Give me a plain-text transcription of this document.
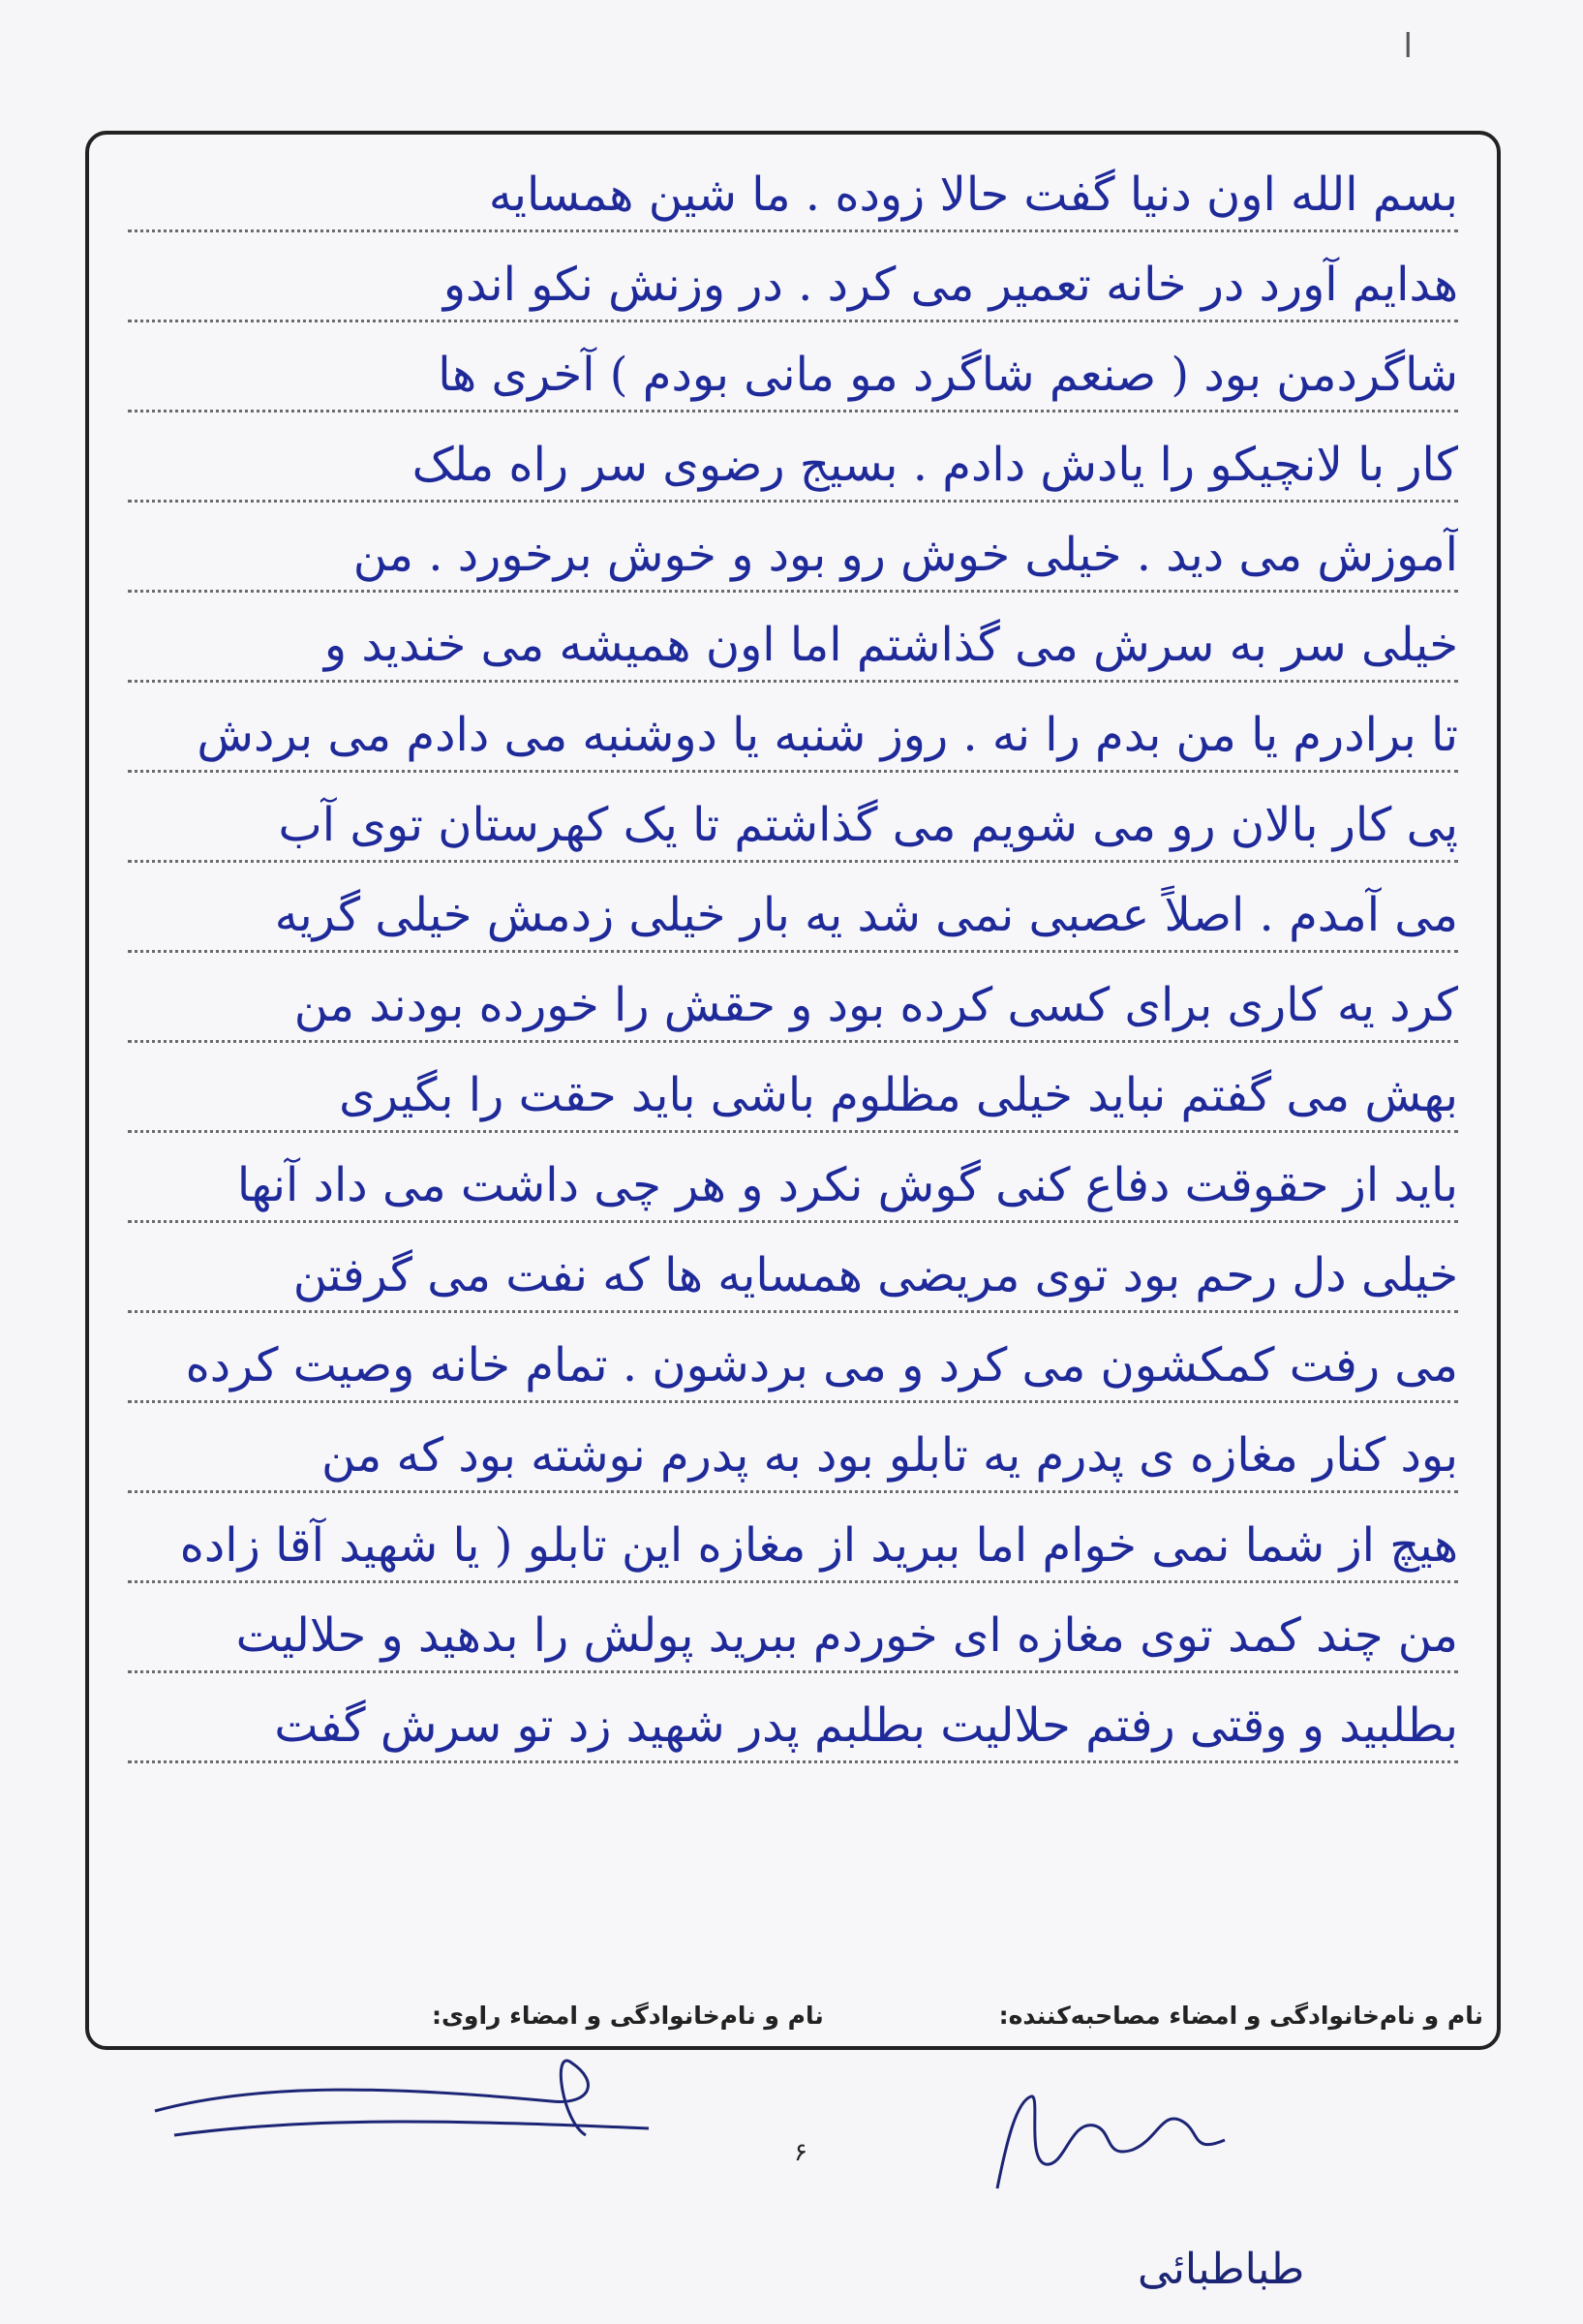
ا
بسم الله اون دنیا گفت حالا زوده . ما شین همسایه
هدایم آورد در خانه تعمیر می کرد . در وزنش نکو اندو
شاگردمن بود ( صنعم شاگرد مو مانی بودم ) آخری ها
کار با لانچیکو را یادش دادم . بسیج رضوی سر راه ملک
آموزش می دید . خیلی خوش رو بود و خوش برخورد . من
خیلی سر به سرش می گذاشتم اما اون همیشه می خندید و
تا برادرم یا من بدم را نه . روز شنبه یا دوشنبه می دادم می بردش
پی کار بالان رو می شویم می گذاشتم تا یک کهرستان توی آب
می آمدم . اصلاً عصبی نمی شد یه بار خیلی زدمش خیلی گریه
کرد یه کاری برای کسی کرده بود و حقش را خورده بودند من
بهش می گفتم نباید خیلی مظلوم باشی باید حقت را بگیری
باید از حقوقت دفاع کنی گوش نکرد و هر چی داشت می داد آنها
خیلی دل رحم بود توی مریضی همسایه ها که نفت می گرفتن
می رفت کمکشون می کرد و می بردشون . تمام خانه وصیت کرده
بود کنار مغازه ی پدرم یه تابلو بود به پدرم نوشته بود که من
هیچ از شما نمی خوام اما ببرید از مغازه این تابلو ( یا شهید آقا زاده
من چند کمد توی مغازه ای خوردم ببرید پولش را بدهید و حلالیت
بطلبید و وقتی رفتم حلالیت بطلبم پدر شهید زد تو سرش گفت
نام و نام‌خانوادگی و امضاء مصاحبه‌کننده:
نام و نام‌خانوادگی و امضاء راوی:
۶
طباطبائی
